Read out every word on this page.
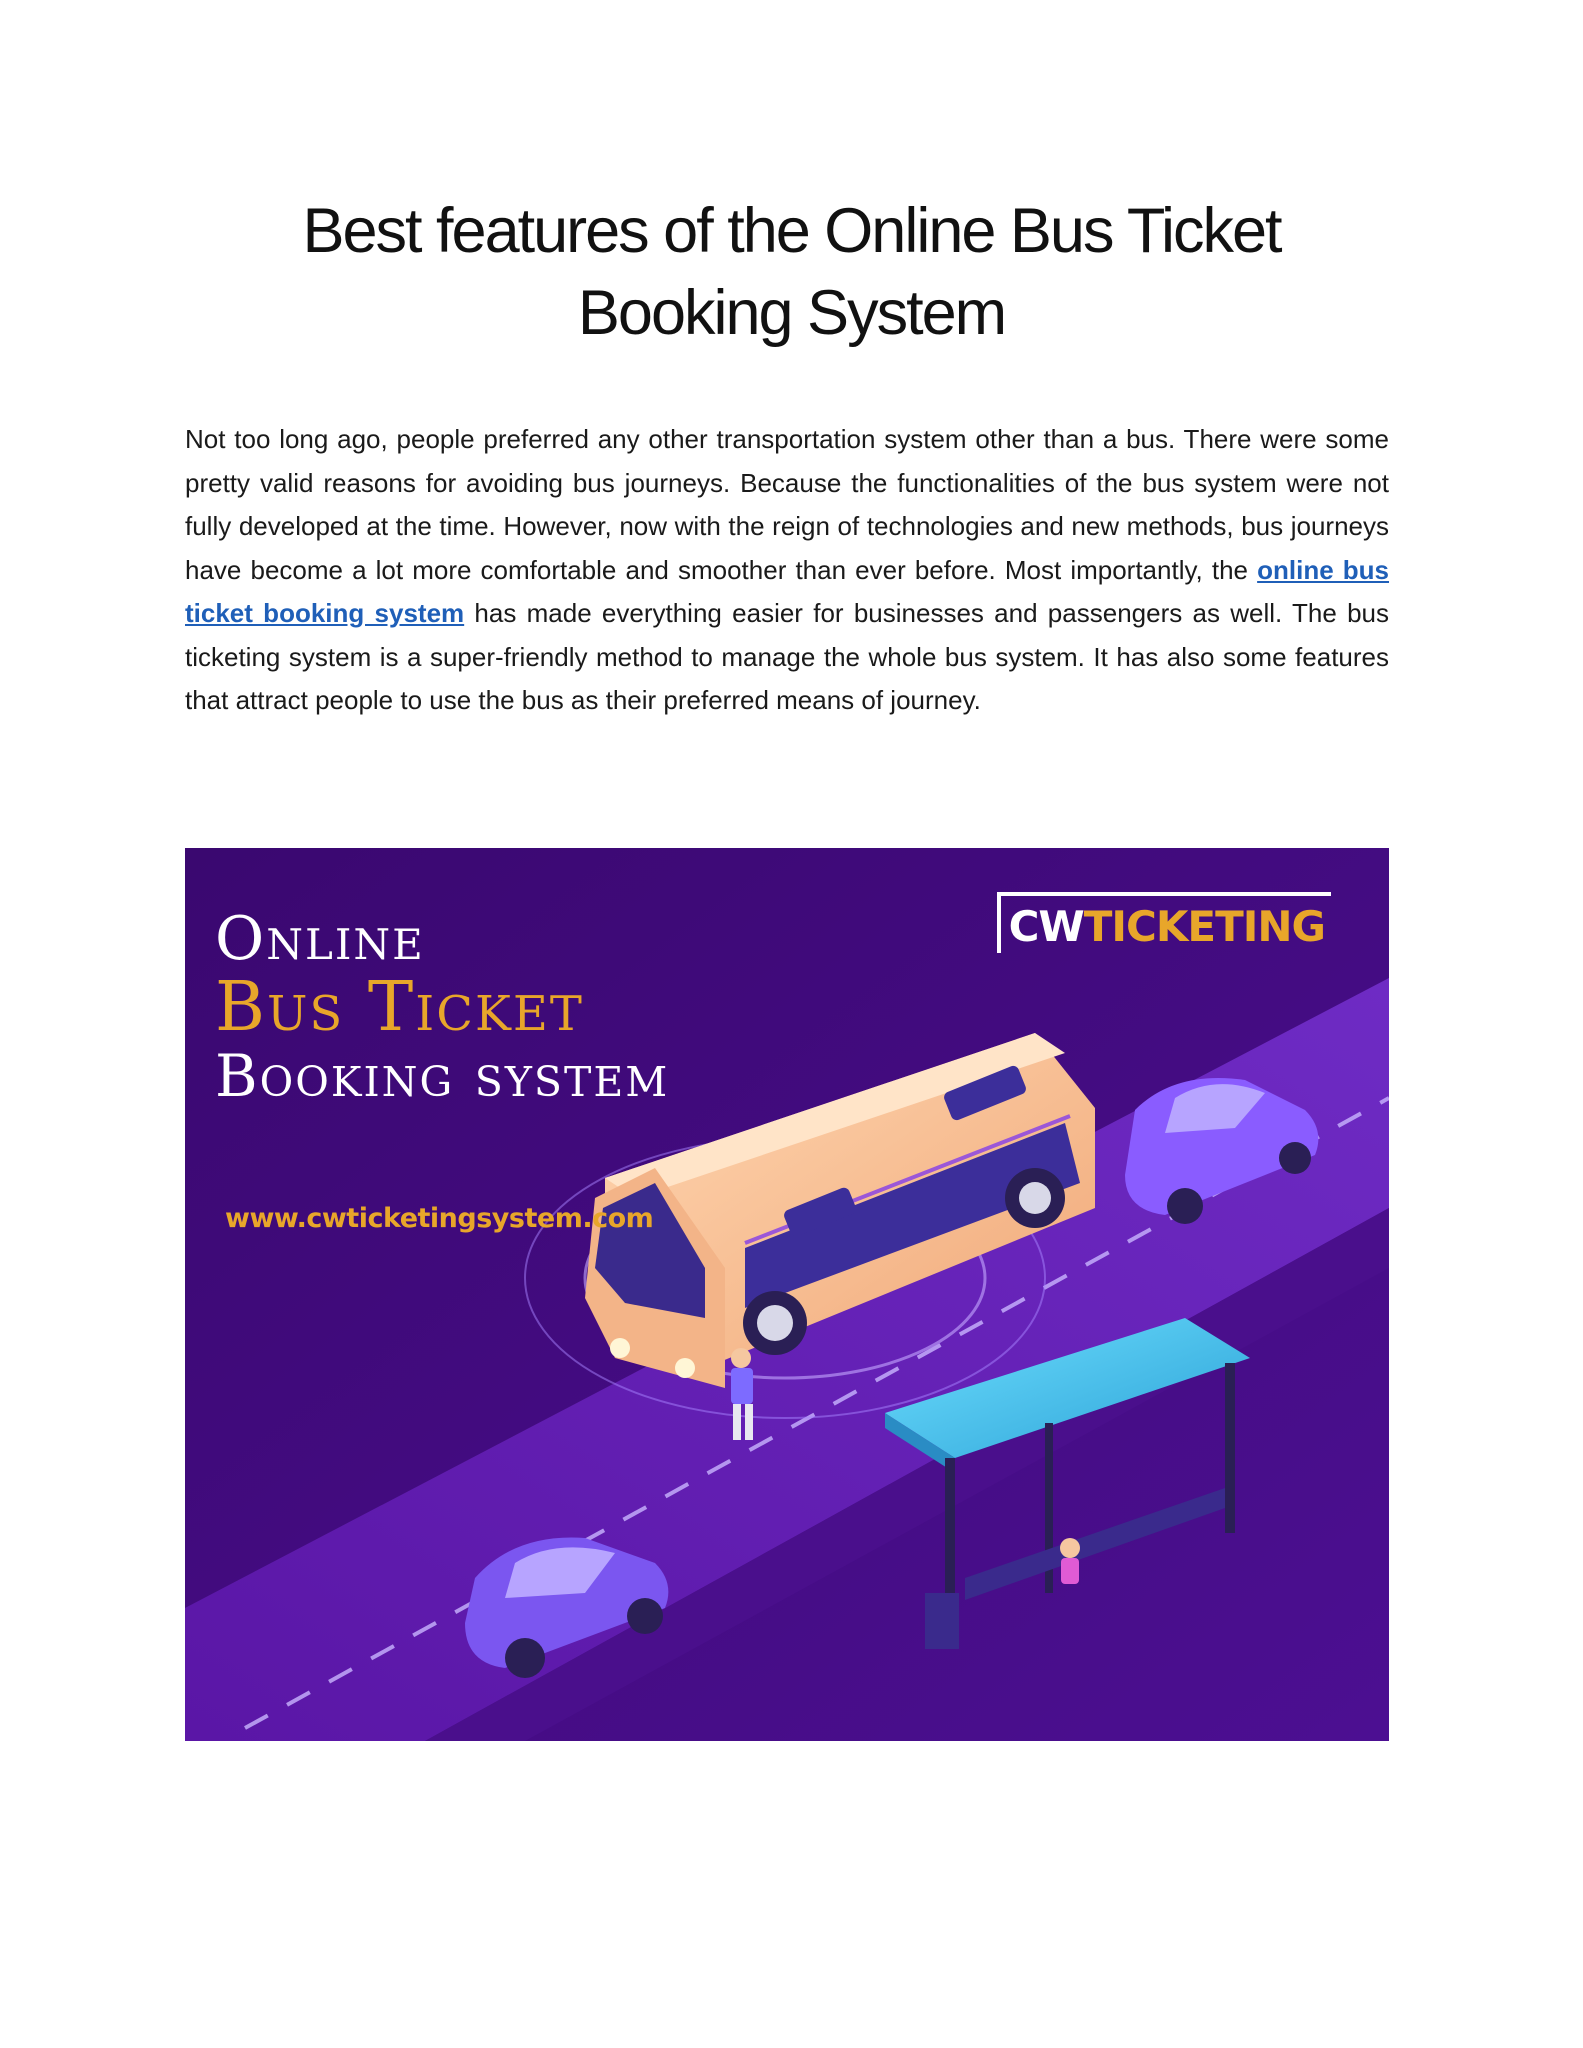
Best features of the Online Bus Ticket
Booking System

Not too long ago, people preferred any other transportation system other than a bus. There were some pretty valid reasons for avoiding bus journeys. Because the functionalities of the bus system were not fully developed at the time. However, now with the reign of technologies and new methods, bus journeys have become a lot more comfortable and smoother than ever before. Most importantly, the online bus ticket booking system has made everything easier for businesses and passengers as well. The bus ticketing system is a super-friendly method to manage the whole bus system. It has also some features that attract people to use the bus as their preferred means of journey.

Online
Bus Ticket
Booking system
www.cwticketingsystem.com
CWTICKETING
